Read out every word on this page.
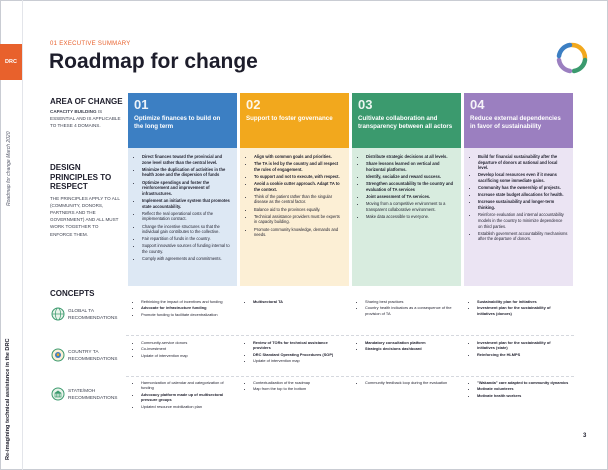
DRC
Roadmap for change March 2020
Re-imagining technical assistance in the DRC
01 EXECUTIVE SUMMARY
Roadmap for change
AREA OF CHANGE
CAPACITY BUILDING IS ESSENTIAL AND IS APPLICABLE TO THESE 4 DOMAINS.
DESIGN PRINCIPLES TO RESPECT
THE PRINCIPLES APPLY TO ALL (COMMUNITY, DONORS, PARTNERS AND THE GOVERNMENT) AND ALL MUST WORK TOGETHER TO ENFORCE THEM.
CONCEPTS
GLOBAL TA RECOMMENDATIONS
COUNTRY TA RECOMMENDATIONS
STATE/MOH RECOMMENDATIONS
01
Optimize finances to build on the long term
• Direct finances toward the provincial and zone level rather than the central level.
• Minimize the duplication of activities in the health zone and the dispersion of funds
• Optimize spendings and foster the reinforcement and improvement of infrastructures.
• Implement an initiative system that promotes state accountability.
• Reflect the real operational costs of the implementation contract.
• Change the incentive structures so that the individual gain contributes to the collective.
• Fair repartition of funds in the country.
• Support innovative sources of funding internal to the country.
• Comply with agreements and commitments.
• Rethinking the impact of incentives and funding
• Advocate for infrastructure funding
• Promote funding to facilitate decentralization
• Community-service donors
• Co-investment
• Update of intervention map
• Harmonization of calendar and categorization of funding
• Advocacy platform made up of multisectoral pressure groups
• Updated resource mobilization plan
02
Support to foster governance
• Align with common goals and priorities.
• The TA is led by the country and all respect the rules of engagement.
• To support and not to execute, with respect.
• Avoid a cookie cutter approach. Adapt TA to the context.
• Think of the patient rather than the singular disease as the central factor.
• Balance aid to the provinces equally.
• Technical assistance providers must be experts in capacity building.
• Promote community knowledge, demands and needs.
• Multisectoral TA
• Review of TORs for technical assistance providers
• DRC Standard Operating Procedures (SOP)
• Update of intervention map
• Contextualization of the roadmap
• Map from the top to the bottom
03
Cultivate collaboration and transparency between all actors
• Distribute strategic decisions at all levels.
• Share lessons learned on vertical and horizontal platforms.
• Identify, socialize and reward success.
• Strengthen accountability to the country and evaluation of TA services
• Joint assessment of TA services.
• Moving from a competitive environment to a transparent collaborative environment.
• Make data accessible to everyone.
• Sharing best practices
• Country health indicators as a consequence of the provision of TA
• Mandatory consultation platform
• Strategic decisions dashboard
• Community feedback loop during the evaluation
04
Reduce external dependencies in favor of sustainability
• Build for financial sustainability after the departure of donors at national and local level.
• Develop local resources even if it means sacrificing some immediate gains.
• Community has the ownership of projects.
• Increase state budget allocations for health.
• Increase sustainability and longer-term thinking.
• Reinforce evaluation and internal accountability models in the country to minimize dependence on third parties.
• Establish government accountability mechanisms after the departure of donors.
• Sustainability plan for initiatives
• Investment plan for the sustainability of initiatives (donors)
• Investment plan for the sustainability of initiatives (state)
• Reinforcing the HLMPS
• "Wakanda" care adapted to community dynamics
• Motivate volunteers
• Motivate health workers
3
